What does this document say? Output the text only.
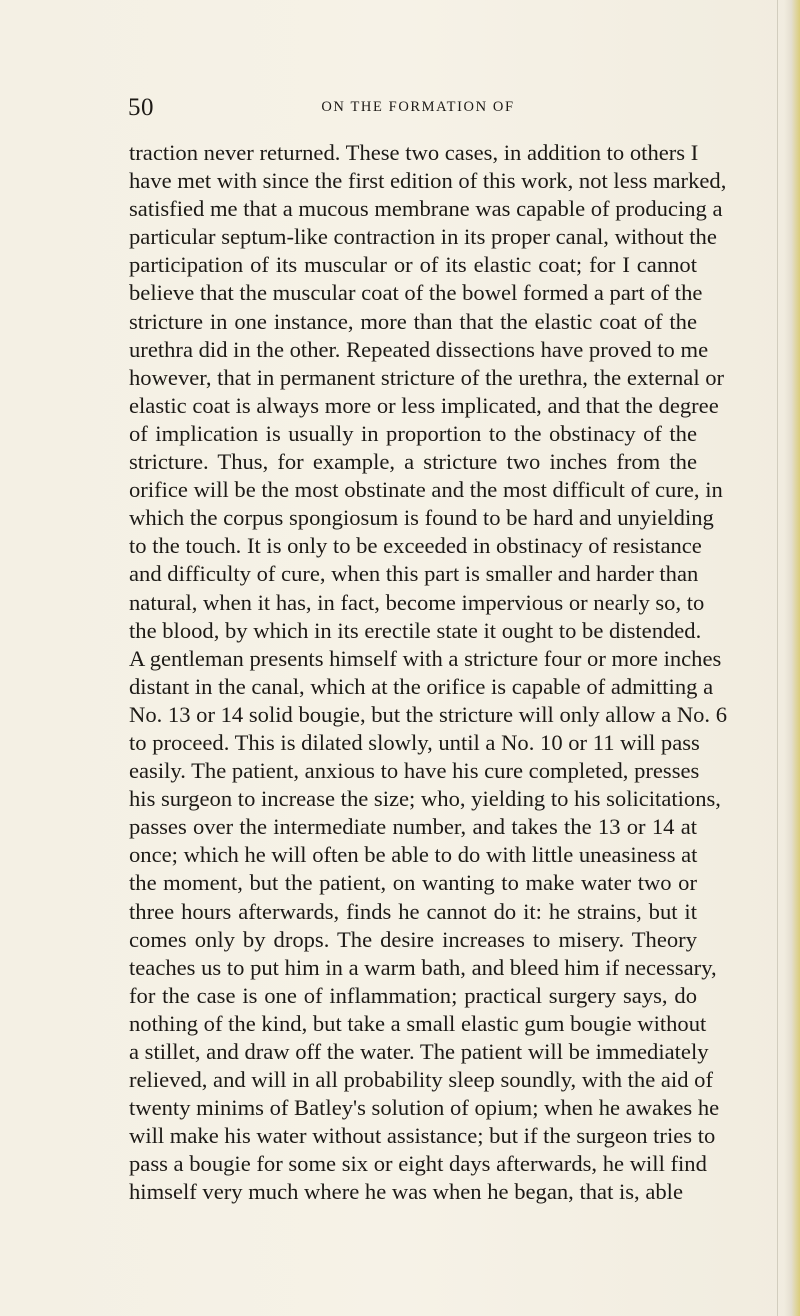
50	ON THE FORMATION OF
traction never returned. These two cases, in addition to others I
have met with since the first edition of this work, not less marked,
satisfied me that a mucous membrane was capable of producing a
particular septum-like contraction in its proper canal, without the
participation of its muscular or of its elastic coat; for I cannot
believe that the muscular coat of the bowel formed a part of the
stricture in one instance, more than that the elastic coat of the
urethra did in the other. Repeated dissections have proved to me
however, that in permanent stricture of the urethra, the external or
elastic coat is always more or less implicated, and that the degree
of implication is usually in proportion to the obstinacy of the
stricture. Thus, for example, a stricture two inches from the
orifice will be the most obstinate and the most difficult of cure, in
which the corpus spongiosum is found to be hard and unyielding
to the touch. It is only to be exceeded in obstinacy of resistance
and difficulty of cure, when this part is smaller and harder than
natural, when it has, in fact, become impervious or nearly so, to
the blood, by which in its erectile state it ought to be distended.
A gentleman presents himself with a stricture four or more inches
distant in the canal, which at the orifice is capable of admitting a
No. 13 or 14 solid bougie, but the stricture will only allow a No. 6
to proceed. This is dilated slowly, until a No. 10 or 11 will pass
easily. The patient, anxious to have his cure completed, presses
his surgeon to increase the size; who, yielding to his solicitations,
passes over the intermediate number, and takes the 13 or 14 at
once; which he will often be able to do with little uneasiness at
the moment, but the patient, on wanting to make water two or
three hours afterwards, finds he cannot do it: he strains, but it
comes only by drops. The desire increases to misery. Theory
teaches us to put him in a warm bath, and bleed him if necessary,
for the case is one of inflammation; practical surgery says, do
nothing of the kind, but take a small elastic gum bougie without
a stillet, and draw off the water. The patient will be immediately
relieved, and will in all probability sleep soundly, with the aid of
twenty minims of Batley's solution of opium; when he awakes he
will make his water without assistance; but if the surgeon tries to
pass a bougie for some six or eight days afterwards, he will find
himself very much where he was when he began, that is, able
